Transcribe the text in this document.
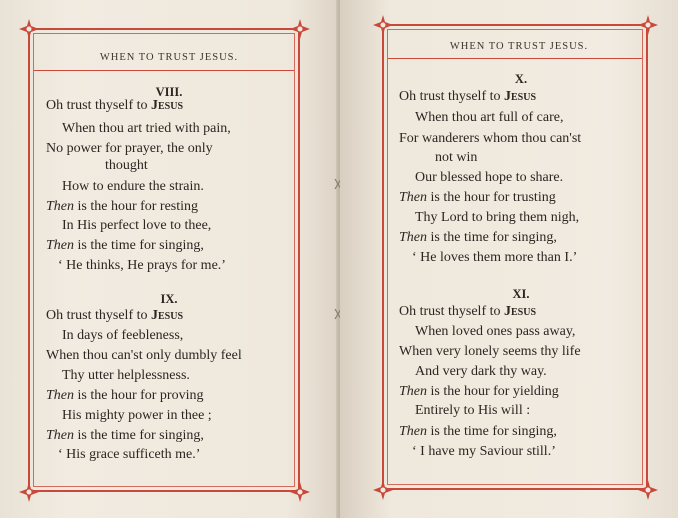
WHEN TO TRUST JESUS.
VIII.
Oh trust thyself to Jesus
When thou art tried with pain,
No power for prayer, the only
thought
How to endure the strain.
Then is the hour for resting
In His perfect love to thee,
Then is the time for singing,
‘ He thinks, He prays for me.’
IX.
Oh trust thyself to Jesus
In days of feebleness,
When thou can'st only dumbly feel
Thy utter helplessness.
Then is the hour for proving
His mighty power in thee ;
Then is the time for singing,
‘ His grace sufficeth me.’
WHEN TO TRUST JESUS.
X.
Oh trust thyself to Jesus
When thou art full of care,
For wanderers whom thou can'st
not win
Our blessed hope to share.
Then is the hour for trusting
Thy Lord to bring them nigh,
Then is the time for singing,
‘ He loves them more than I.’
XI.
Oh trust thyself to Jesus
When loved ones pass away,
When very lonely seems thy life
And very dark thy way.
Then is the hour for yielding
Entirely to His will :
Then is the time for singing,
‘ I have my Saviour still.’
